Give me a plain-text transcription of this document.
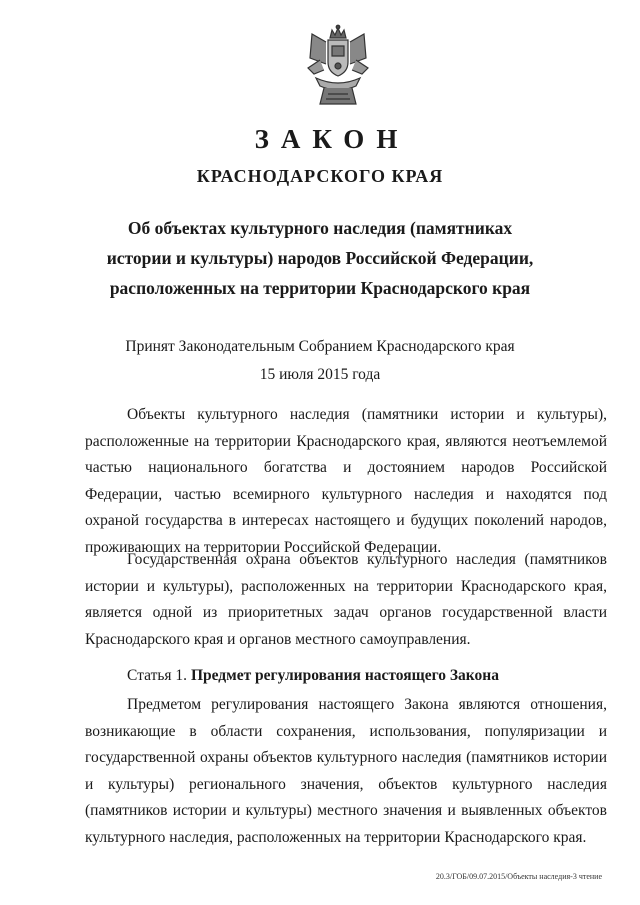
ЗАКОН
КРАСНОДАРСКОГО КРАЯ
Об объектах культурного наследия (памятниках
истории и культуры) народов Российской Федерации,
расположенных на территории Краснодарского края
Принят Законодательным Собранием Краснодарского края
15 июля 2015 года

Объекты культурного наследия (памятники истории и культуры), расположенные на территории Краснодарского края, являются неотъемлемой частью национального богатства и достоянием народов Российской Федерации, частью всемирного культурного наследия и находятся под охраной государства в интересах настоящего и будущих поколений народов, проживающих на территории Российской Федерации.

Государственная охрана объектов культурного наследия (памятников истории и культуры), расположенных на территории Краснодарского края, является одной из приоритетных задач органов государственной власти Краснодарского края и органов местного самоуправления.

Статья 1. Предмет регулирования настоящего Закона

Предметом регулирования настоящего Закона являются отношения, возникающие в области сохранения, использования, популяризации и государственной охраны объектов культурного наследия (памятников истории и культуры) регионального значения, объектов культурного наследия (памятников истории и культуры) местного значения и выявленных объектов культурного наследия, расположенных на территории Краснодарского края.

20.3/ГОБ/09.07.2015/Объекты наследия-3 чтение
